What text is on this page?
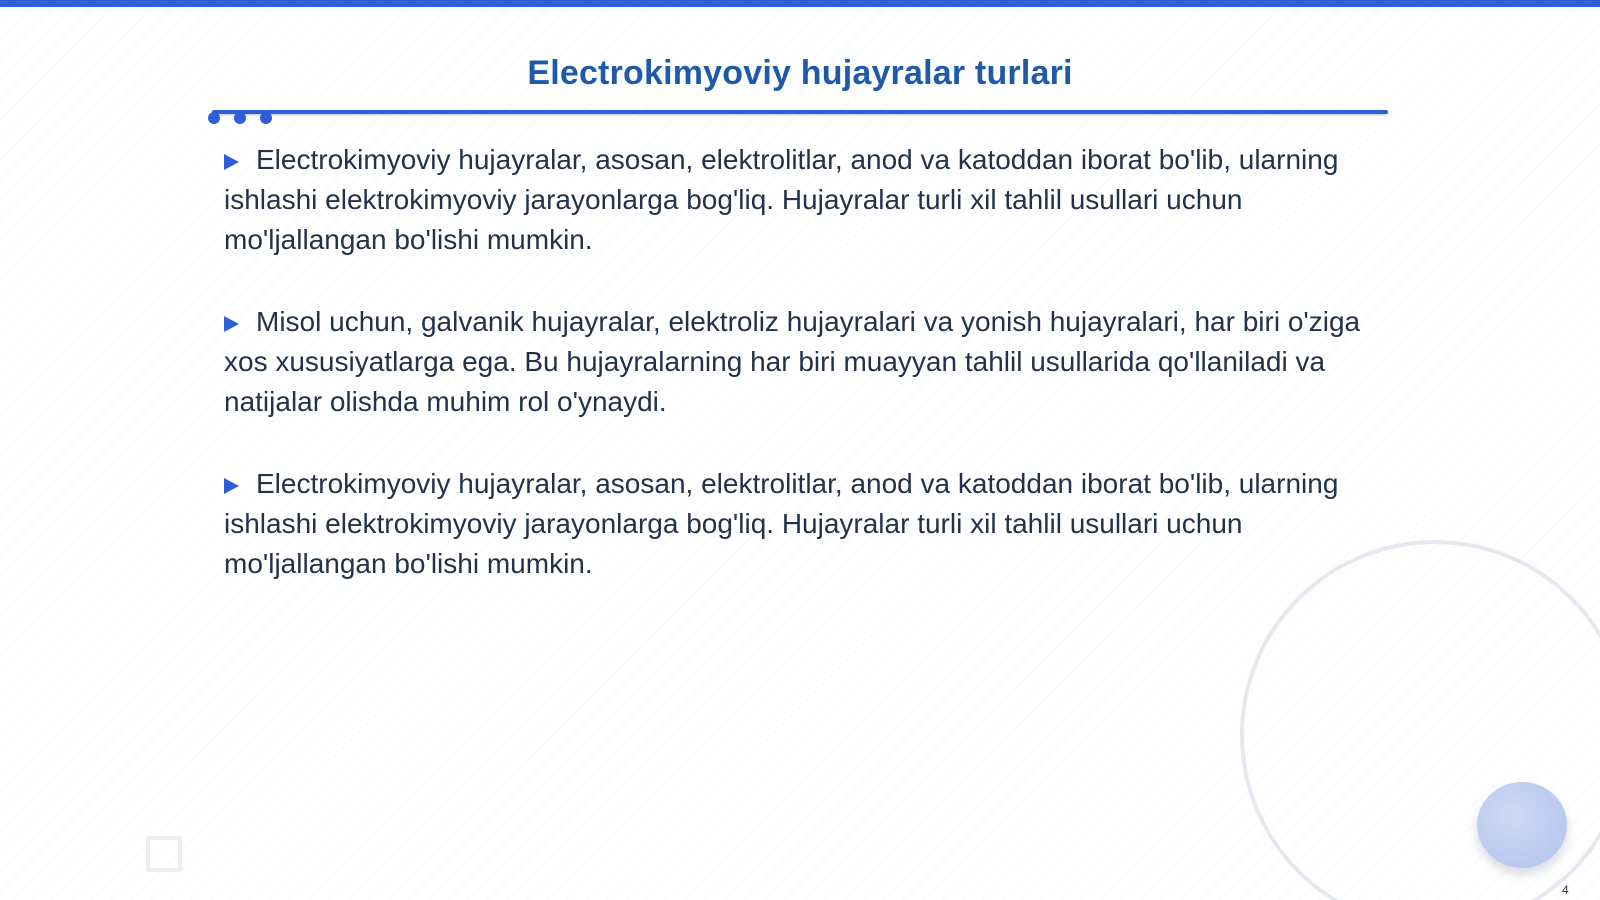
Electrokimyoviy hujayralar turlari

Electrokimyoviy hujayralar, asosan, elektrolitlar, anod va katoddan iborat bo'lib, ularning ishlashi elektrokimyoviy jarayonlarga bog'liq. Hujayralar turli xil tahlil usullari uchun mo'ljallangan bo'lishi mumkin.

Misol uchun, galvanik hujayralar, elektroliz hujayralari va yonish hujayralari, har biri o'ziga xos xususiyatlarga ega. Bu hujayralarning har biri muayyan tahlil usullarida qo'llaniladi va natijalar olishda muhim rol o'ynaydi.

Electrokimyoviy hujayralar, asosan, elektrolitlar, anod va katoddan iborat bo'lib, ularning ishlashi elektrokimyoviy jarayonlarga bog'liq. Hujayralar turli xil tahlil usullari uchun mo'ljallangan bo'lishi mumkin.

4
